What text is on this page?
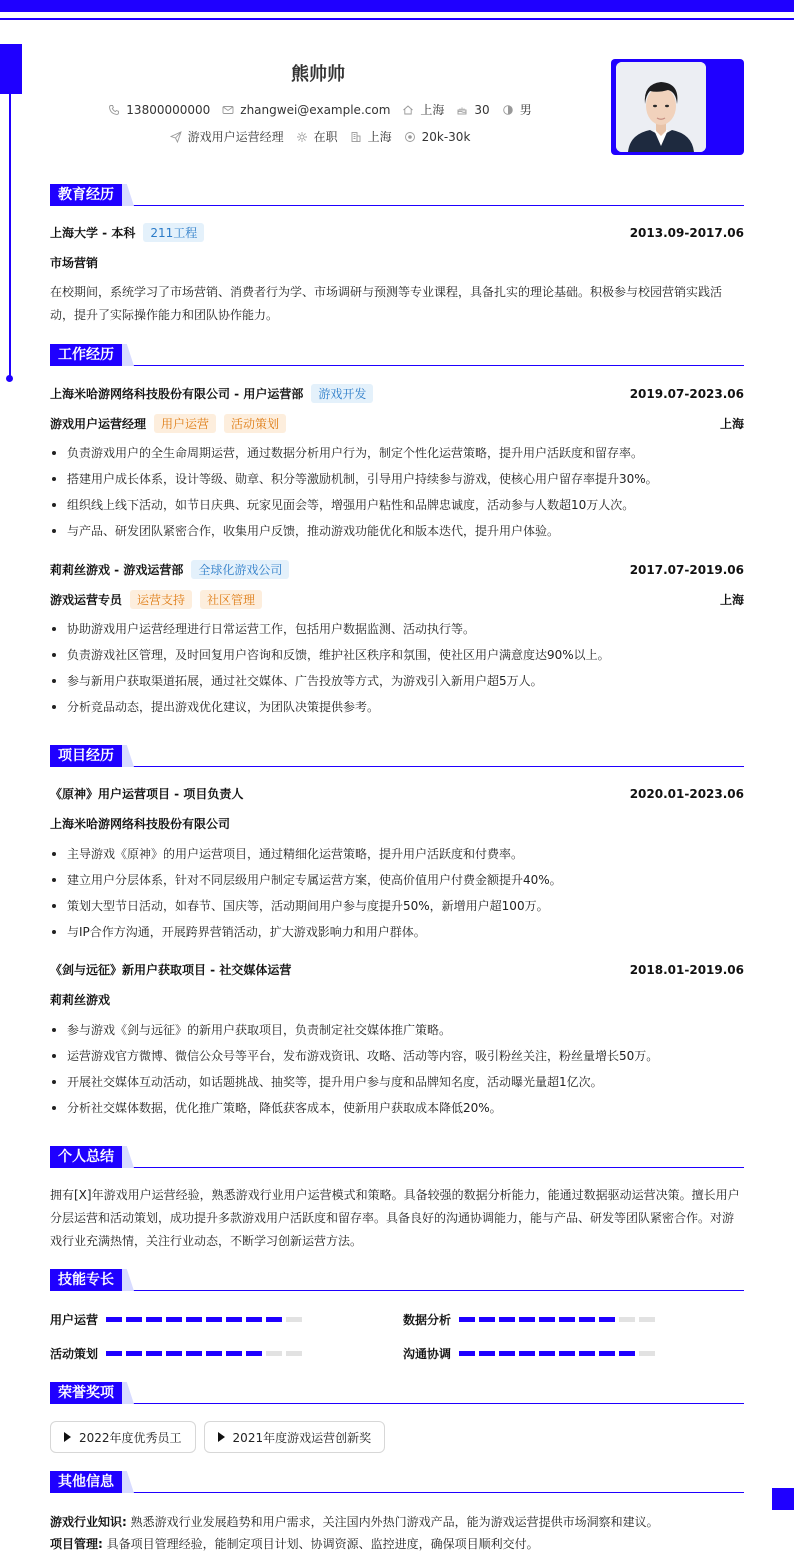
熊帅帅
13800000000	zhangwei@example.com	上海	30	男
游戏用户运营经理	在职	上海	20k-30k
教育经历
上海大学 - 本科	211工程	2013.09-2017.06
市场营销
在校期间，系统学习了市场营销、消费者行为学、市场调研与预测等专业课程，具备扎实的理论基础。积极参与校园营销实践活动，提升了实际操作能力和团队协作能力。
工作经历
上海米哈游网络科技股份有限公司 - 用户运营部	游戏开发	2019.07-2023.06
游戏用户运营经理	用户运营	活动策划	上海
负责游戏用户的全生命周期运营，通过数据分析用户行为，制定个性化运营策略，提升用户活跃度和留存率。
搭建用户成长体系，设计等级、勋章、积分等激励机制，引导用户持续参与游戏，使核心用户留存率提升30%。
组织线上线下活动，如节日庆典、玩家见面会等，增强用户粘性和品牌忠诚度，活动参与人数超10万人次。
与产品、研发团队紧密合作，收集用户反馈，推动游戏功能优化和版本迭代，提升用户体验。
莉莉丝游戏 - 游戏运营部	全球化游戏公司	2017.07-2019.06
游戏运营专员	运营支持	社区管理	上海
协助游戏用户运营经理进行日常运营工作，包括用户数据监测、活动执行等。
负责游戏社区管理，及时回复用户咨询和反馈，维护社区秩序和氛围，使社区用户满意度达90%以上。
参与新用户获取渠道拓展，通过社交媒体、广告投放等方式，为游戏引入新用户超5万人。
分析竞品动态，提出游戏优化建议，为团队决策提供参考。
项目经历
《原神》用户运营项目 - 项目负责人	2020.01-2023.06
上海米哈游网络科技股份有限公司
主导游戏《原神》的用户运营项目，通过精细化运营策略，提升用户活跃度和付费率。
建立用户分层体系，针对不同层级用户制定专属运营方案，使高价值用户付费金额提升40%。
策划大型节日活动，如春节、国庆等，活动期间用户参与度提升50%，新增用户超100万。
与IP合作方沟通，开展跨界营销活动，扩大游戏影响力和用户群体。
《剑与远征》新用户获取项目 - 社交媒体运营	2018.01-2019.06
莉莉丝游戏
参与游戏《剑与远征》的新用户获取项目，负责制定社交媒体推广策略。
运营游戏官方微博、微信公众号等平台，发布游戏资讯、攻略、活动等内容，吸引粉丝关注，粉丝量增长50万。
开展社交媒体互动活动，如话题挑战、抽奖等，提升用户参与度和品牌知名度，活动曝光量超1亿次。
分析社交媒体数据，优化推广策略，降低获客成本，使新用户获取成本降低20%。
个人总结
拥有[X]年游戏用户运营经验，熟悉游戏行业用户运营模式和策略。具备较强的数据分析能力，能通过数据驱动运营决策。擅长用户分层运营和活动策划，成功提升多款游戏用户活跃度和留存率。具备良好的沟通协调能力，能与产品、研发等团队紧密合作。对游戏行业充满热情，关注行业动态，不断学习创新运营方法。
技能专长
用户运营	数据分析
活动策划	沟通协调
荣誉奖项
2022年度优秀员工	2021年度游戏运营创新奖
其他信息
游戏行业知识: 熟悉游戏行业发展趋势和用户需求，关注国内外热门游戏产品，能为游戏运营提供市场洞察和建议。
项目管理: 具备项目管理经验，能制定项目计划、协调资源、监控进度，确保项目顺利交付。
